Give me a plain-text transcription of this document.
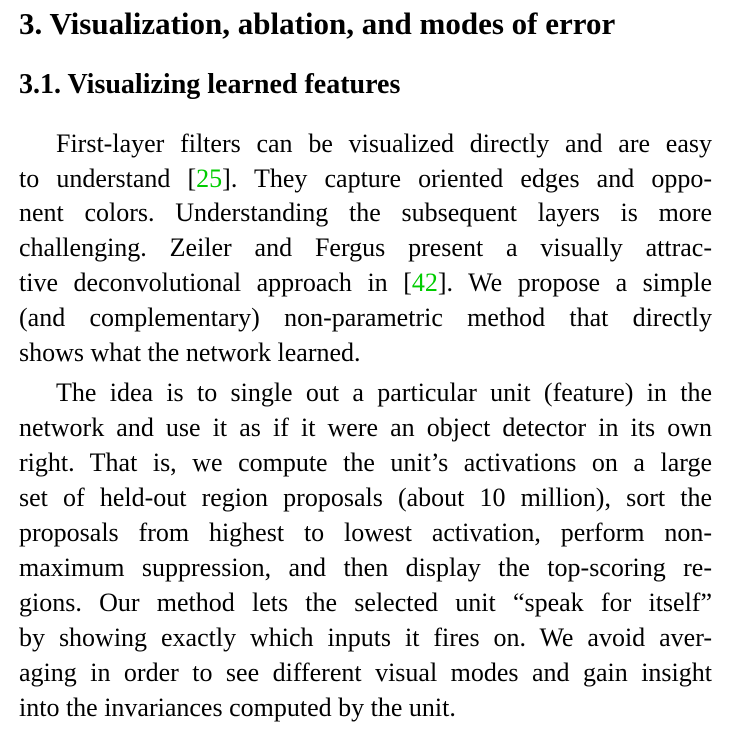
3. Visualization, ablation, and modes of error
3.1. Visualizing learned features

First-layer filters can be visualized directly and are easy

to understand [25]. They capture oriented edges and oppo-

nent colors. Understanding the subsequent layers is more

challenging. Zeiler and Fergus present a visually attrac-

tive deconvolutional approach in [42]. We propose a simple

(and complementary) non-parametric method that directly

shows what the network learned.

The idea is to single out a particular unit (feature) in the

network and use it as if it were an object detector in its own

right. That is, we compute the unit’s activations on a large

set of held-out region proposals (about 10 million), sort the

proposals from highest to lowest activation, perform non-

maximum suppression, and then display the top-scoring re-

gions. Our method lets the selected unit “speak for itself”

by showing exactly which inputs it fires on. We avoid aver-

aging in order to see different visual modes and gain insight

into the invariances computed by the unit.
